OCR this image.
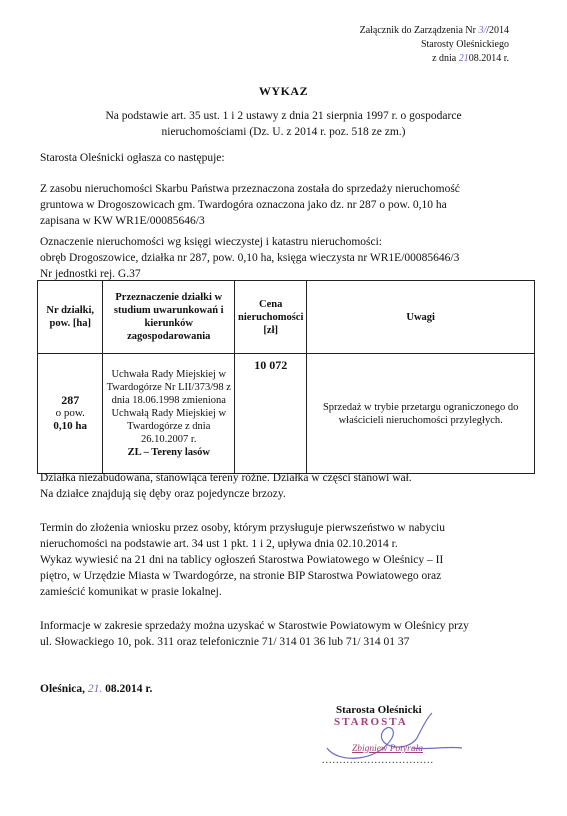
Załącznik do Zarządzenia Nr 3//2014
Starosty Oleśnickiego
z dnia 2108.2014 r.
WYKAZ
Na podstawie art. 35 ust. 1 i 2 ustawy z dnia 21 sierpnia 1997 r. o gospodarce
nieruchomościami (Dz. U. z 2014 r. poz. 518 ze zm.)
Starosta Oleśnicki ogłasza co następuje:
Z zasobu nieruchomości Skarbu Państwa przeznaczona została do sprzedaży nieruchomość
gruntowa w Drogoszowicach gm. Twardogóra oznaczona jako dz. nr 287 o pow. 0,10 ha
zapisana w KW WR1E/00085646/3
Oznaczenie nieruchomości wg księgi wieczystej i katastru nieruchomości:
obręb Drogoszowice, działka nr 287, pow. 0,10 ha, księga wieczysta nr WR1E/00085646/3
Nr jednostki rej. G.37
Nr działki, pow. [ha]	Przeznaczenie działki w studium uwarunkowań i kierunków zagospodarowania	Cena nieruchomości [zł]	Uwagi

287
o pow.
0,10 ha	Uchwała Rady Miejskiej w Twardogórze Nr LII/373/98 z dnia 18.06.1998 zmieniona Uchwałą Rady Miejskiej w Twardogórze z dnia 26.10.2007 r.
ZL – Tereny lasów	10 072	Sprzedaż w trybie przetargu ograniczonego do właścicieli nieruchomości przyległych.
Działka niezabudowana, stanowiąca tereny różne. Działka w części stanowi wał.
Na działce znajdują się dęby oraz pojedyncze brzozy.
Termin do złożenia wniosku przez osoby, którym przysługuje pierwszeństwo w nabyciu
nieruchomości na podstawie art. 34 ust 1 pkt. 1 i 2, upływa dnia 02.10.2014 r.
Wykaz wywiesić na 21 dni na tablicy ogłoszeń Starostwa Powiatowego w Oleśnicy – II
piętro, w Urzędzie Miasta w Twardogórze, na stronie BIP Starostwa Powiatowego oraz
zamieścić komunikat w prasie lokalnej.
Informacje w zakresie sprzedaży można uzyskać w Starostwie Powiatowym w Oleśnicy przy
ul. Słowackiego 10, pok. 311 oraz telefonicznie 71/ 314 01 36 lub 71/ 314 01 37
Oleśnica, 21. 08.2014 r.
Starosta Oleśnicki
STAROSTA
Zbigniew Potyrała
................................
